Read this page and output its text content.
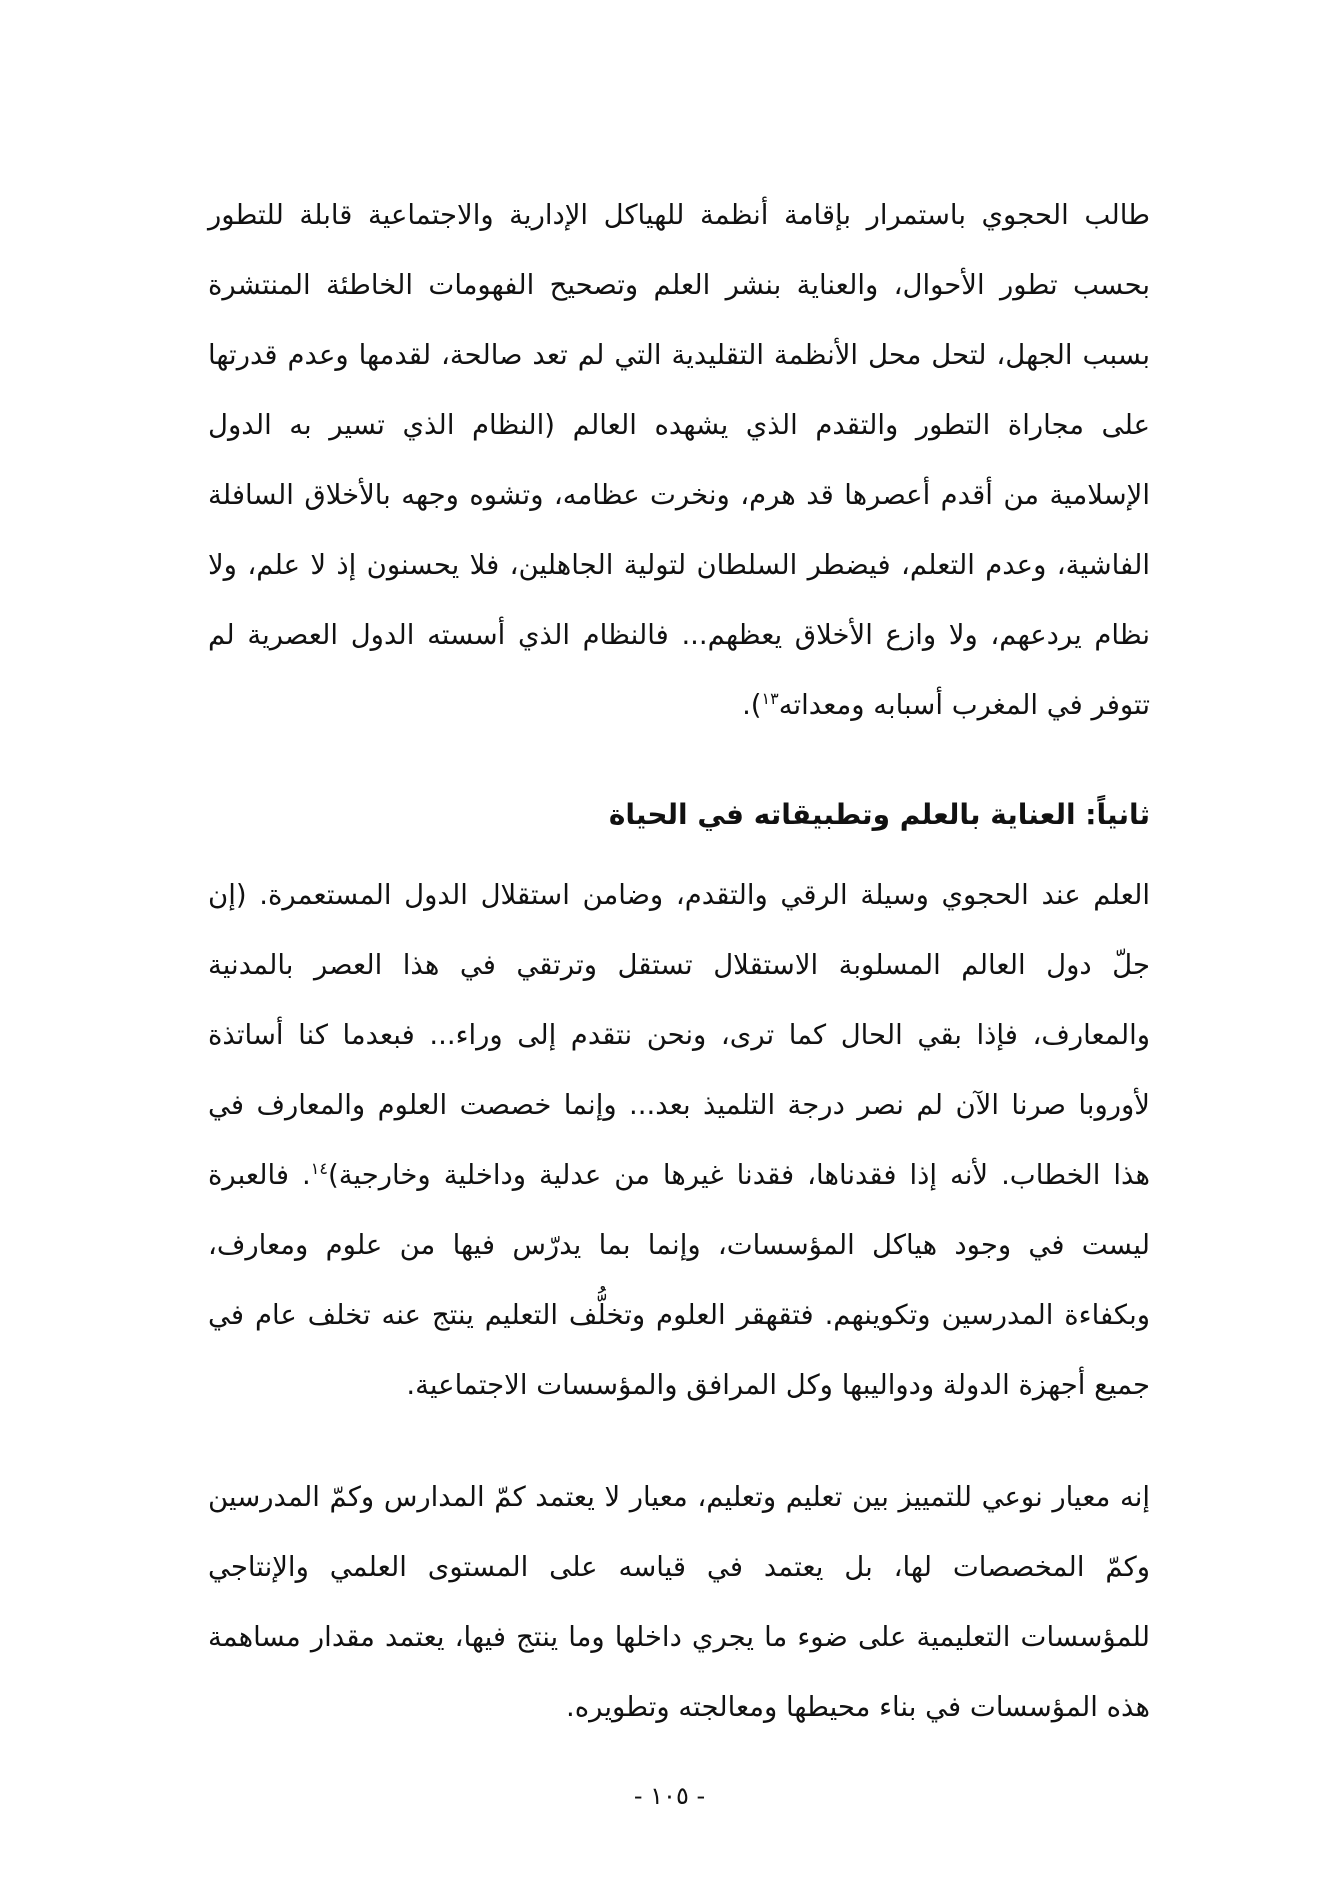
طالب الحجوي باستمرار بإقامة أنظمة للهياكل الإدارية والاجتماعية قابلة للتطور بحسب تطور الأحوال، والعناية بنشر العلم وتصحيح الفهومات الخاطئة المنتشرة بسبب الجهل، لتحل محل الأنظمة التقليدية التي لم تعد صالحة، لقدمها وعدم قدرتها على مجاراة التطور والتقدم الذي يشهده العالم (النظام الذي تسير به الدول الإسلامية من أقدم أعصرها قد هرم، ونخرت عظامه، وتشوه وجهه بالأخلاق السافلة الفاشية، وعدم التعلم، فيضطر السلطان لتولية الجاهلين، فلا يحسنون إذ لا علم، ولا نظام يردعهم، ولا وازع الأخلاق يعظهم... فالنظام الذي أسسته الدول العصرية لم تتوفر في المغرب أسبابه ومعداته$^{١٣}$).

ثانياً: العناية بالعلم وتطبيقاته في الحياة

العلم عند الحجوي وسيلة الرقي والتقدم، وضامن استقلال الدول المستعمرة. (إن جلّ دول العالم المسلوبة الاستقلال تستقل وترتقي في هذا العصر بالمدنية والمعارف، فإذا بقي الحال كما ترى، ونحن نتقدم إلى وراء... فبعدما كنا أساتذة لأوروبا صرنا الآن لم نصر درجة التلميذ بعد... وإنما خصصت العلوم والمعارف في هذا الخطاب. لأنه إذا فقدناها، فقدنا غيرها من عدلية وداخلية وخارجية)$^{١٤}$. فالعبرة ليست في وجود هياكل المؤسسات، وإنما بما يدرّس فيها من علوم ومعارف، وبكفاءة المدرسين وتكوينهم. فتقهقر العلوم وتخلُّف التعليم ينتج عنه تخلف عام في جميع أجهزة الدولة ودواليبها وكل المرافق والمؤسسات الاجتماعية.

إنه معيار نوعي للتمييز بين تعليم وتعليم، معيار لا يعتمد كمّ المدارس وكمّ المدرسين وكمّ المخصصات لها، بل يعتمد في قياسه على المستوى العلمي والإنتاجي للمؤسسات التعليمية على ضوء ما يجري داخلها وما ينتج فيها، يعتمد مقدار مساهمة هذه المؤسسات في بناء محيطها ومعالجته وتطويره.

- ١٠٥ -
